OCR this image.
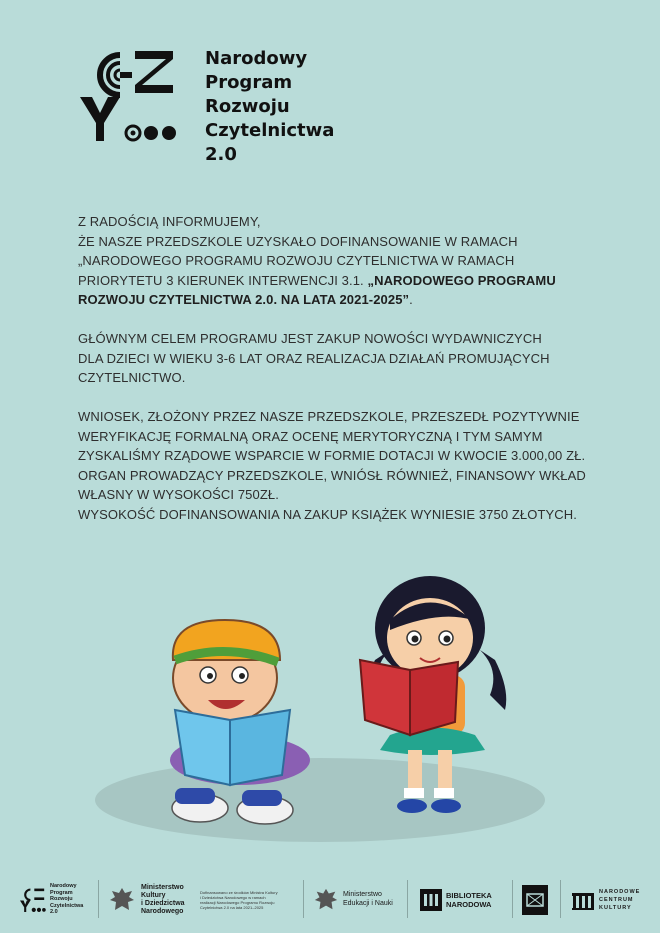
Narodowy
Program
Rozwoju
Czytelnictwa
2.0
Z RADOŚCIĄ INFORMUJEMY,
ŻE NASZE PRZEDSZKOLE UZYSKAŁO DOFINANSOWANIE W RAMACH
„NARODOWEGO PROGRAMU ROZWOJU CZYTELNICTWA W RAMACH
PRIORYTETU 3 KIERUNEK INTERWENCJI 3.1. „NARODOWEGO PROGRAMU
ROZWOJU CZYTELNICTWA 2.0. NA LATA 2021-2025”.
GŁÓWNYM CELEM PROGRAMU JEST ZAKUP NOWOŚCI WYDAWNICZYCH
DLA DZIECI W WIEKU 3-6 LAT ORAZ REALIZACJA DZIAŁAŃ PROMUJĄCYCH
CZYTELNICTWO.
WNIOSEK, ZŁOŻONY PRZEZ NASZE PRZEDSZKOLE, PRZESZEDŁ POZYTYWNIE
WERYFIKACJĘ FORMALNĄ ORAZ OCENĘ MERYTORYCZNĄ I TYM SAMYM
ZYSKALIŚMY RZĄDOWE WSPARCIE W FORMIE DOTACJI W KWOCIE 3.000,00 ZŁ.
ORGAN PROWADZĄCY PRZEDSZKOLE, WNIÓSŁ RÓWNIEŻ, FINANSOWY WKŁAD
WŁASNY W WYSOKOŚCI 750ZŁ.
WYSOKOŚĆ DOFINANSOWANIA NA ZAKUP KSIĄŻEK WYNIESIE 3750 ZŁOTYCH.
Narodowy
Program
Rozwoju
Czytelnictwa
2.0
Ministerstwo
Kultury
i Dziedzictwa
Narodowego
Dofinansowano ze środków Ministra Kultury
i Dziedzictwa Narodowego w ramach
realizacji Narodowego Programu Rozwoju
Czytelnictwa 2.0 na lata 2021–2025
Ministerstwo
Edukacji i Nauki
BIBLIOTEKA
NARODOWA
NARODOWE
CENTRUM
KULTURY
